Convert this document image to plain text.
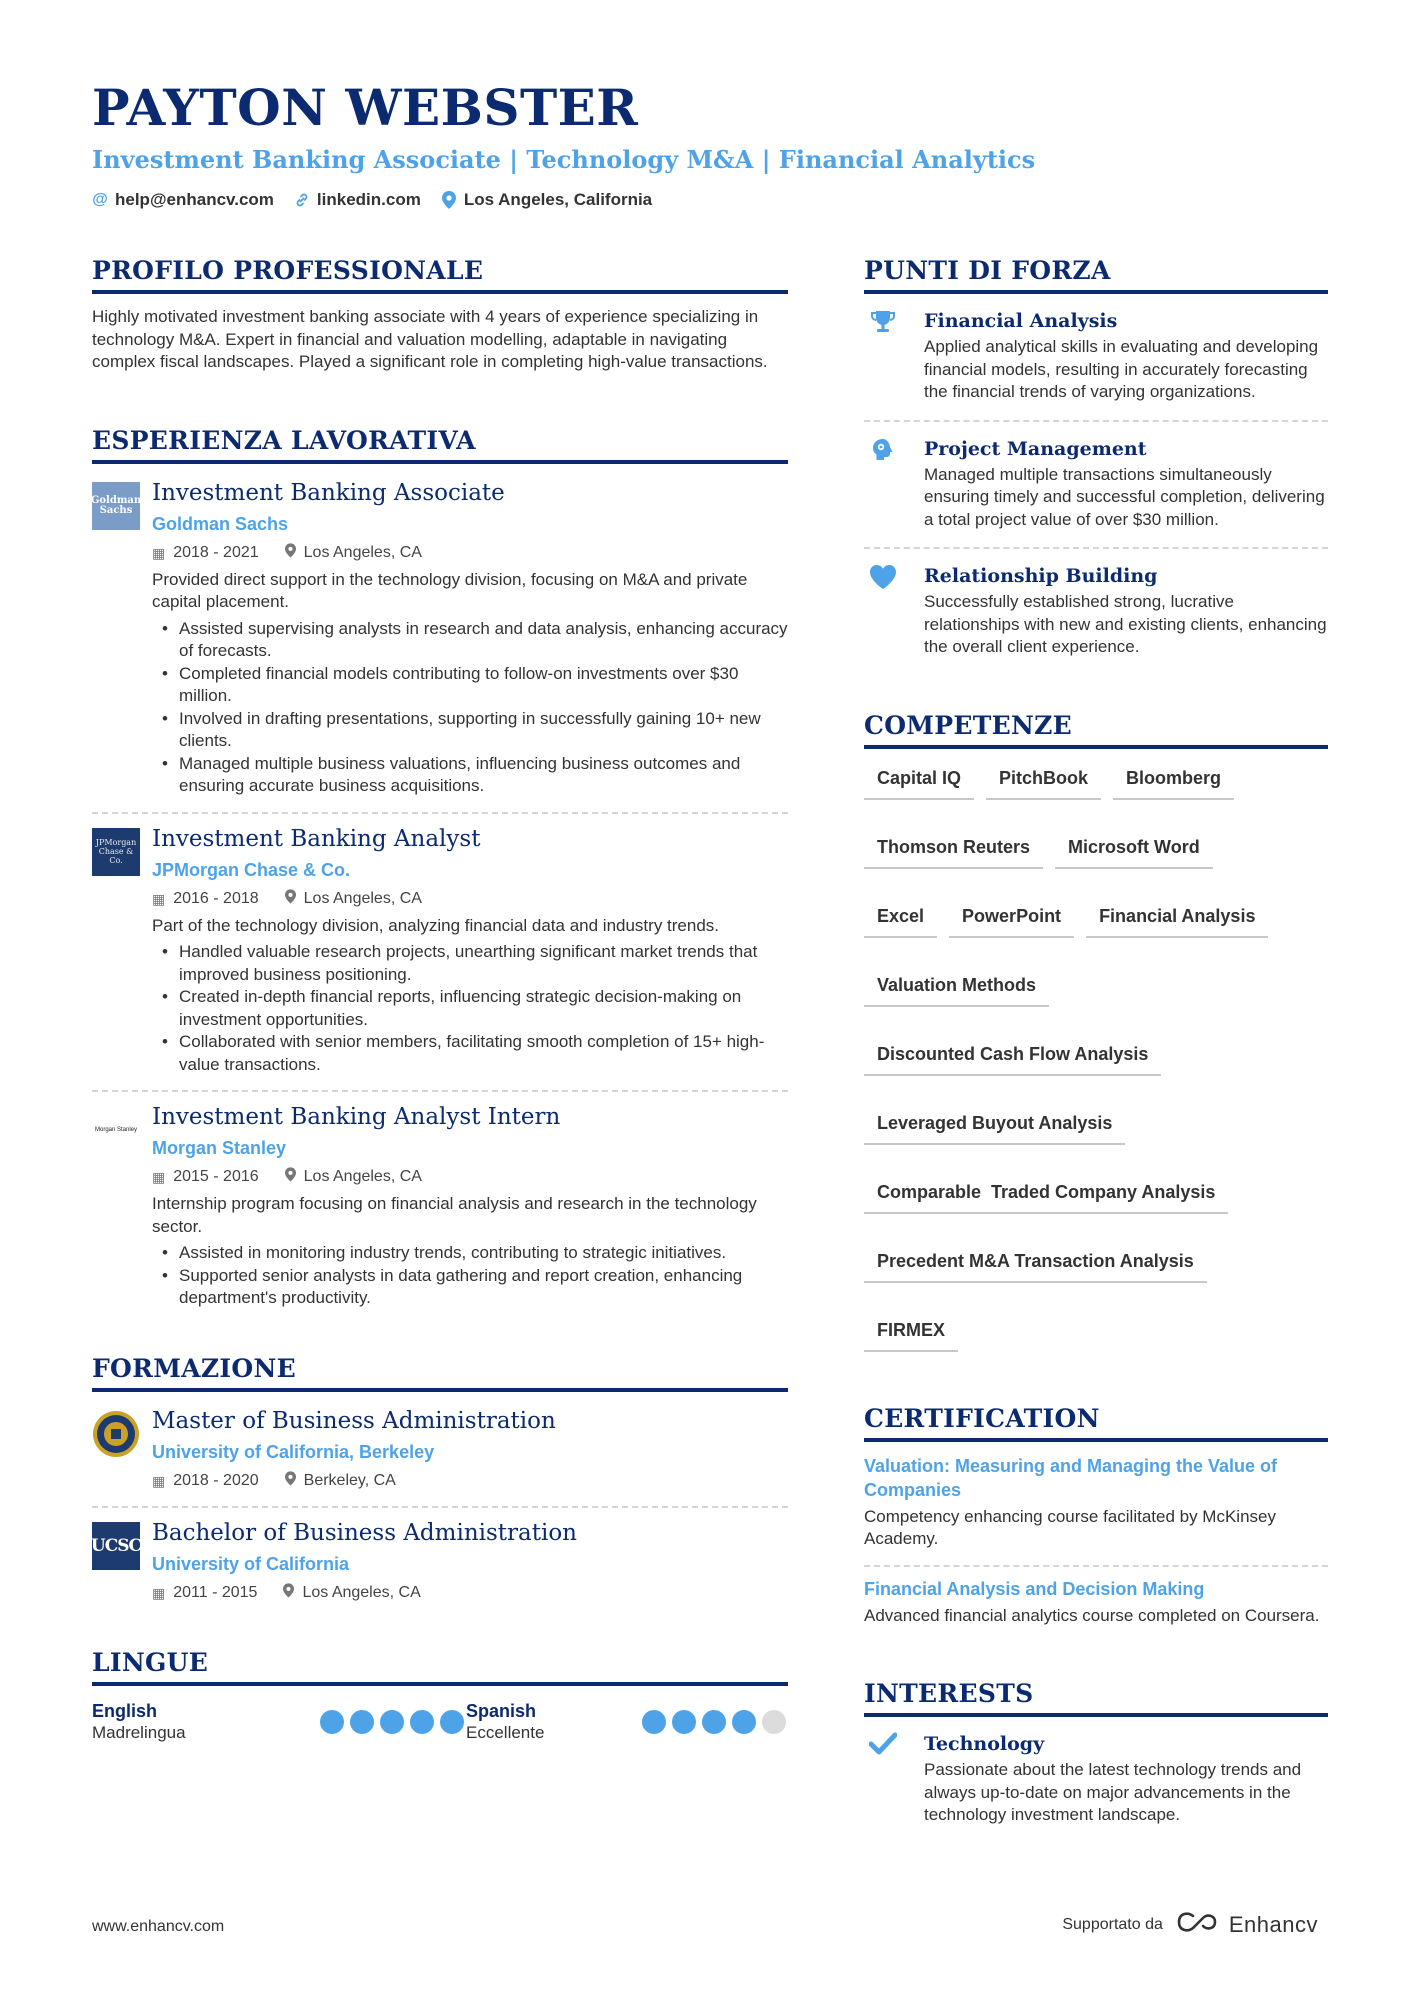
PAYTON WEBSTER
Investment Banking Associate | Technology M&A | Financial Analytics
@ help@enhancv.com	linkedin.com	Los Angeles, California
PROFILO PROFESSIONALE
Highly motivated investment banking associate with 4 years of experience specializing in technology M&A. Expert in financial and valuation modelling, adaptable in navigating complex fiscal landscapes. Played a significant role in completing high-value transactions.
ESPERIENZA LAVORATIVA
Goldman Sachs
Investment Banking Associate
Goldman Sachs
▦ 2018 - 2021	Los Angeles, CA
Provided direct support in the technology division, focusing on M&A and private capital placement.
• Assisted supervising analysts in research and data analysis, enhancing accuracy of forecasts.
• Completed financial models contributing to follow-on investments over $30 million.
• Involved in drafting presentations, supporting in successfully gaining 10+ new clients.
• Managed multiple business valuations, influencing business outcomes and ensuring accurate business acquisitions.
JPMorgan Chase & Co.
Investment Banking Analyst
JPMorgan Chase & Co.
▦ 2016 - 2018	Los Angeles, CA
Part of the technology division, analyzing financial data and industry trends.
• Handled valuable research projects, unearthing significant market trends that improved business positioning.
• Created in-depth financial reports, influencing strategic decision-making on investment opportunities.
• Collaborated with senior members, facilitating smooth completion of 15+ high-value transactions.
Morgan Stanley Investment Banking Analyst Intern
Morgan Stanley
▦ 2015 - 2016	Los Angeles, CA
Internship program focusing on financial analysis and research in the technology sector.
• Assisted in monitoring industry trends, contributing to strategic initiatives.
• Supported senior analysts in data gathering and report creation, enhancing department's productivity.
FORMAZIONE
Master of Business Administration
University of California, Berkeley
▦ 2018 - 2020	Berkeley, CA
UCSC Bachelor of Business Administration
University of California
▦ 2011 - 2015	Los Angeles, CA
LINGUE
English
Madrelingua
Spanish
Eccellente
PUNTI DI FORZA
Financial Analysis
Applied analytical skills in evaluating and developing financial models, resulting in accurately forecasting the financial trends of varying organizations.
Project Management
Managed multiple transactions simultaneously ensuring timely and successful completion, delivering a total project value of over $30 million.
Relationship Building
Successfully established strong, lucrative relationships with new and existing clients, enhancing the overall client experience.
COMPETENZE
Capital IQ	PitchBook	Bloomberg
Thomson Reuters	Microsoft Word
Excel	PowerPoint	Financial Analysis
Valuation Methods
Discounted Cash Flow Analysis
Leveraged Buyout Analysis
Comparable  Traded Company Analysis
Precedent M&A Transaction Analysis
FIRMEX
CERTIFICATION
Valuation: Measuring and Managing the Value of Companies
Competency enhancing course facilitated by McKinsey Academy.
Financial Analysis and Decision Making
Advanced financial analytics course completed on Coursera.
INTERESTS
Technology
Passionate about the latest technology trends and always up-to-date on major advancements in the technology investment landscape.
www.enhancv.com	Supportato da	Enhancv
